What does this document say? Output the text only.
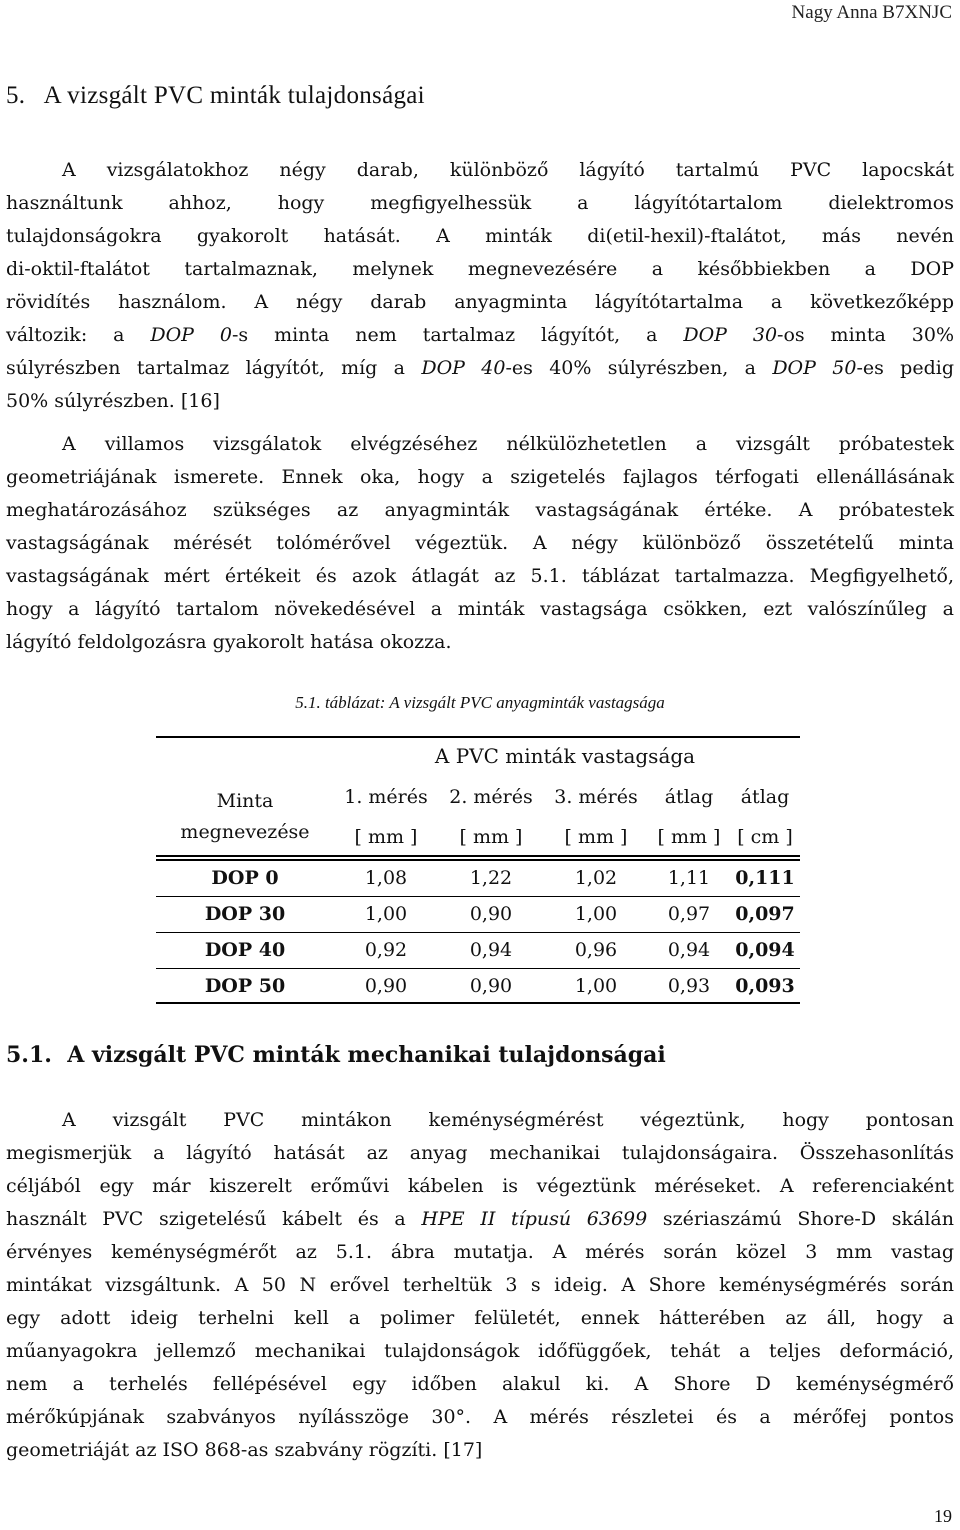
Nagy Anna B7XNJC
5.   A vizsgált PVC minták tulajdonságai
A vizsgálatokhoz négy darab, különböző lágyító tartalmú PVC lapocskát
használtunk ahhoz, hogy megfigyelhessük a lágyítótartalom dielektromos
tulajdonságokra gyakorolt hatását. A minták di(etil-hexil)-ftalátot, más nevén
di-oktil-ftalátot tartalmaznak, melynek megnevezésére a későbbiekben a DOP
rövidítés használom. A négy darab anyagminta lágyítótartalma a következőképp
változik: a DOP 0-s minta nem tartalmaz lágyítót, a DOP 30-os minta 30%
súlyrészben tartalmaz lágyítót, míg a DOP 40-es 40% súlyrészben, a DOP 50-es pedig
50% súlyrészben. [16]
A villamos vizsgálatok elvégzéséhez nélkülözhetetlen a vizsgált próbatestek
geometriájának ismerete. Ennek oka, hogy a szigetelés fajlagos térfogati ellenállásának
meghatározásához szükséges az anyagminták vastagságának értéke. A próbatestek
vastagságának mérését tolómérővel végeztük. A négy különböző összetételű minta
vastagságának mért értékeit és azok átlagát az 5.1. táblázat tartalmazza. Megfigyelhető,
hogy a lágyító tartalom növekedésével a minták vastagsága csökken, ezt valószínűleg a
lágyító feldolgozásra gyakorolt hatása okozza.
5.1. táblázat: A vizsgált PVC anyagminták vastagsága
A PVC minták vastagsága
Minta
megnevezése
1. mérés	2. mérés	3. mérés	átlag	átlag
[ mm ]	[ mm ]	[ mm ]	[ mm ] [ cm ]
DOP 0	1,08	1,22	1,02	1,11	0,111
DOP 30	1,00	0,90	1,00	0,97	0,097
DOP 40	0,92	0,94	0,96	0,94	0,094
DOP 50	0,90	0,90	1,00	0,93	0,093
5.1.  A vizsgált PVC minták mechanikai tulajdonságai
A vizsgált PVC mintákon keménységmérést végeztünk, hogy pontosan
megismerjük a lágyító hatását az anyag mechanikai tulajdonságaira. Összehasonlítás
céljából egy már kiszerelt erőművi kábelen is végeztünk méréseket. A referenciaként
használt PVC szigetelésű kábelt és a HPE II típusú 63699 szériaszámú Shore-D skálán
érvényes keménységmérőt az 5.1. ábra mutatja. A mérés során közel 3 mm vastag
mintákat vizsgáltunk. A 50 N erővel terheltük 3 s ideig. A Shore keménységmérés során
egy adott ideig terhelni kell a polimer felületét, ennek hátterében az áll, hogy a
műanyagokra jellemző mechanikai tulajdonságok időfüggőek, tehát a teljes deformáció,
nem a terhelés fellépésével egy időben alakul ki. A Shore D keménységmérő
mérőkúpjának szabványos nyílásszöge 30°. A mérés részletei és a mérőfej pontos
geometriáját az ISO 868-as szabvány rögzíti. [17]
19
